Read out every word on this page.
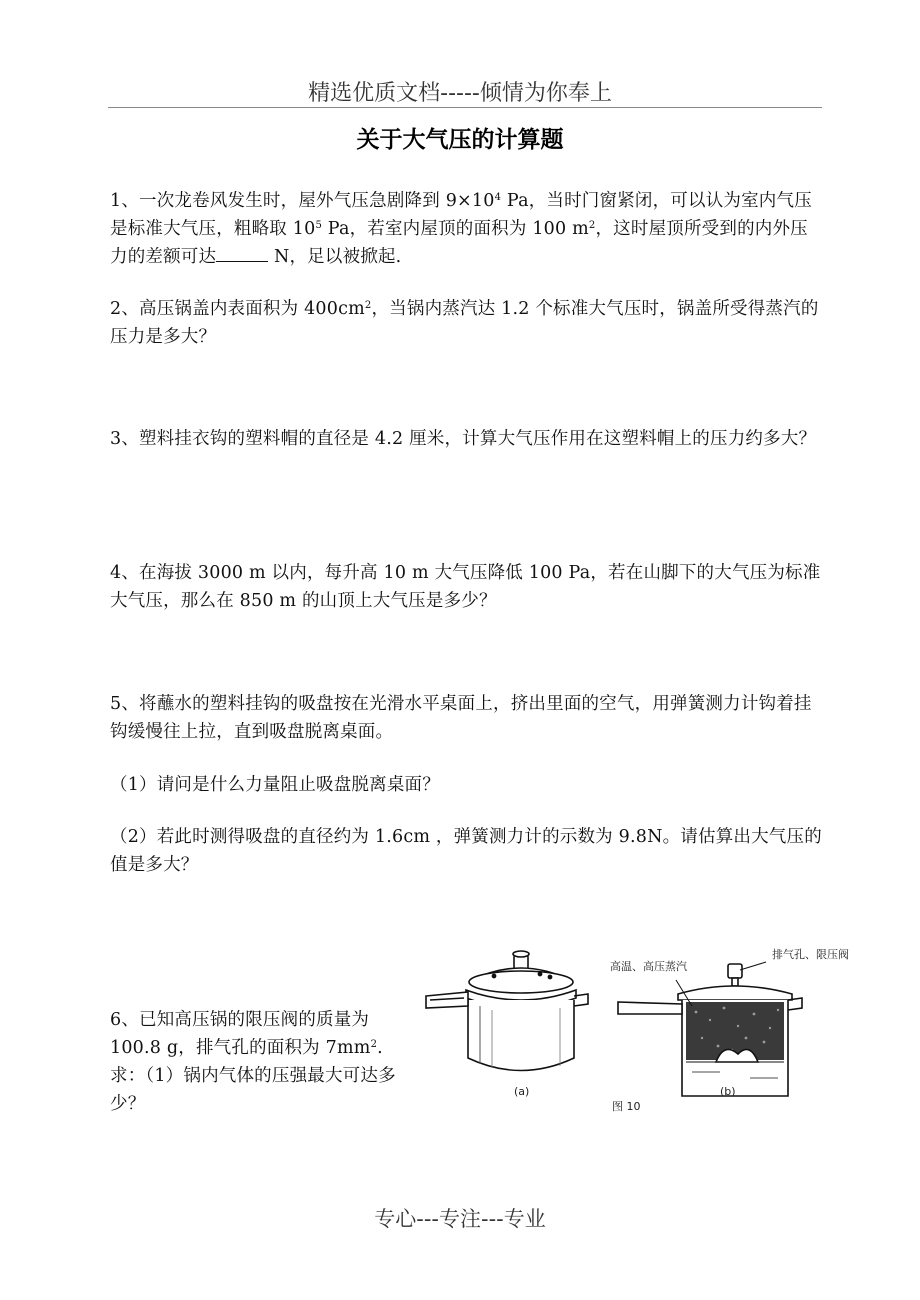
精选优质文档-----倾情为你奉上
关于大气压的计算题
1、一次龙卷风发生时，屋外气压急剧降到 $9\times 10^4$ Pa，当时门窗紧闭，可以认为室内气压是标准大气压，粗略取 $10^5$ Pa，若室内屋顶的面积为 100 $m^2$，这时屋顶所受到的内外压力的差额可达	N，足以被掀起.
2、高压锅盖内表面积为 $400cm^2$，当锅内蒸汽达 1.2 个标准大气压时，锅盖所受得蒸汽的压力是多大？
3、塑料挂衣钩的塑料帽的直径是 4.2 厘米，计算大气压作用在这塑料帽上的压力约多大？
4、在海拔 3000 m 以内，每升高 10 m 大气压降低 100 Pa，若在山脚下的大气压为标准大气压，那么在 850 m 的山顶上大气压是多少？
5、将蘸水的塑料挂钩的吸盘按在光滑水平桌面上，挤出里面的空气，用弹簧测力计钩着挂　钩缓慢往上拉，直到吸盘脱离桌面。
（1）请问是什么力量阻止吸盘脱离桌面？
（2）若此时测得吸盘的直径约为 1.6cm ，弹簧测力计的示数为 9.8N。请估算出大气压的值是多大？
6、已知高压锅的限压阀的质量为 100.8 g，排气孔的面积为 $7mm^2$. 求：（1）锅内气体的压强最大可达多少？
高温、高压蒸汽
排气孔、限压阀
(a)	(b)
图 10
专心---专注---专业
